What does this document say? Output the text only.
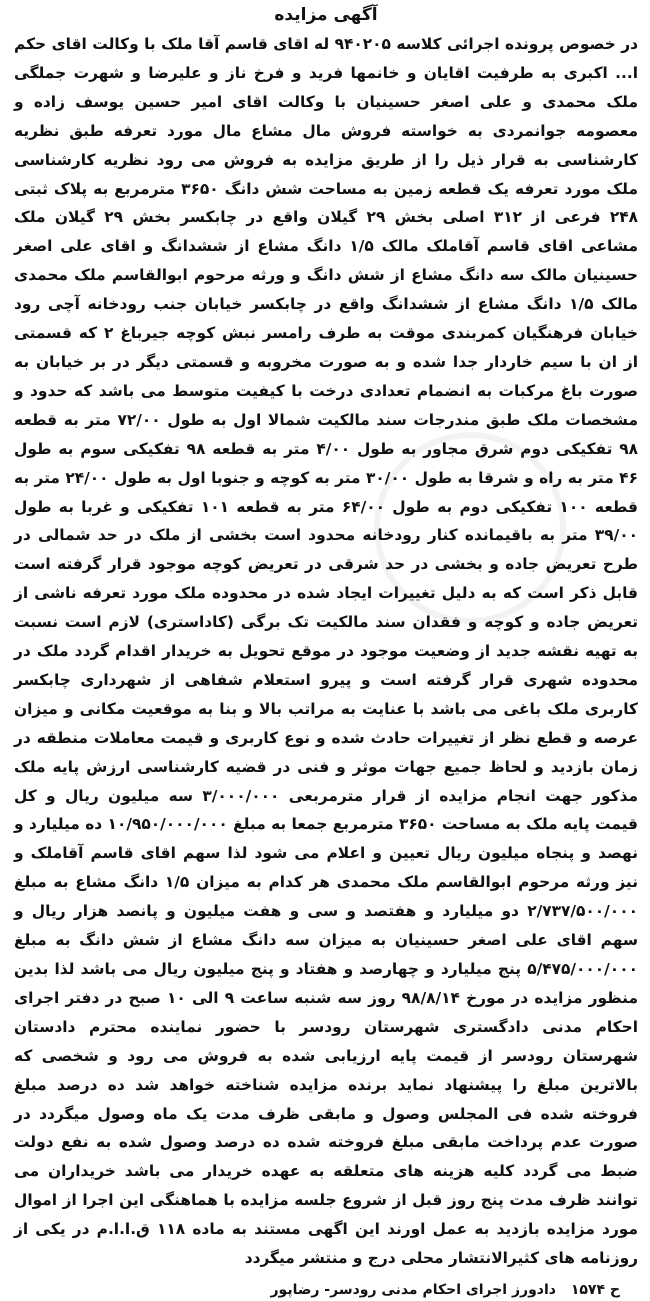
آگهی مزایده

در خصوص پرونده اجرائی کلاسه ۹۴۰۲۰۵ له اقای قاسم آقا ملک با وکالت اقای حکم ا... اکبری به طرفیت اقایان و خانمها فرید و فرخ ناز و علیرضا و شهرت جملگی ملک محمدی و علی اصغر حسینیان با وکالت اقای امیر حسین یوسف زاده و معصومه جوانمردی به خواسته فروش مال مشاع مال مورد تعرفه طبق نظریه کارشناسی به قرار ذیل را از طریق مزایده به فروش می رود نظریه کارشناسی ملک مورد تعرفه یک قطعه زمین به مساحت شش دانگ ۳۶۵۰ مترمربع به پلاک ثبتی ۲۴۸ فرعی از ۳۱۲ اصلی بخش ۲۹ گیلان واقع در چابکسر بخش ۲۹ گیلان ملک مشاعی اقای قاسم آقاملک مالک ۱/۵ دانگ مشاع از ششدانگ و اقای علی اصغر حسینیان مالک سه دانگ مشاع از شش دانگ و ورثه مرحوم ابوالقاسم ملک محمدی مالک ۱/۵ دانگ مشاع از ششدانگ واقع در چابکسر خیابان جنب رودخانه آچی رود خیابان فرهنگیان کمربندی موقت به طرف رامسر نبش کوچه جیرباغ ۲ که قسمتی از ان با سیم خاردار جدا شده و به صورت مخروبه و قسمتی دیگر در بر خیابان به صورت باغ مرکبات به انضمام تعدادی درخت با کیفیت متوسط می باشد که حدود و مشخصات ملک طبق مندرجات سند مالکیت شمالا اول به طول ۷۲/۰۰ متر به قطعه ۹۸ تفکیکی دوم شرق مجاور به طول ۴/۰۰ متر به قطعه ۹۸ تفکیکی سوم به طول ۴۶ متر به راه و شرقا به طول ۳۰/۰۰ متر به کوچه و جنوبا اول به طول ۲۴/۰۰ متر به قطعه ۱۰۰ تفکیکی دوم به طول ۶۴/۰۰ متر به قطعه ۱۰۱ تفکیکی و غربا به طول ۳۹/۰۰ متر به باقیمانده کنار رودخانه محدود است بخشی از ملک در حد شمالی در طرح تعریض جاده و بخشی در حد شرقی در تعریض کوچه موجود قرار گرفته است قابل ذکر است که به دلیل تغییرات ایجاد شده در محدوده ملک مورد تعرفه ناشی از تعریض جاده و کوچه و فقدان سند مالکیت تک برگی (کاداستری) لازم است نسبت به تهیه نقشه جدید از وضعیت موجود در موقع تحویل به خریدار اقدام گردد ملک در محدوده شهری قرار گرفته است و پیرو استعلام شفاهی از شهرداری چابکسر کاربری ملک باغی می باشد با عنایت به مراتب بالا و بنا به موقعیت مکانی و میزان عرصه و قطع نظر از تغییرات حادث شده و نوع کاربری و قیمت معاملات منطقه در زمان بازدید و لحاظ جمیع جهات موثر و فنی در قضیه کارشناسی ارزش پایه ملک مذکور جهت انجام مزایده از قرار مترمربعی ۳/۰۰۰/۰۰۰ سه میلیون ریال و کل قیمت پایه ملک به مساحت ۳۶۵۰ مترمربع جمعا به مبلغ ۱۰/۹۵۰/۰۰۰/۰۰۰ ده میلیارد و نهصد و پنجاه میلیون ریال تعیین و اعلام می شود لذا سهم اقای قاسم آقاملک و نیز ورثه مرحوم ابوالقاسم ملک محمدی هر کدام به میزان ۱/۵ دانگ مشاع به مبلغ ۲/۷۳۷/۵۰۰/۰۰۰ دو میلیارد و هفتصد و سی و هفت میلیون و پانصد هزار ریال و سهم اقای علی اصغر حسینیان به میزان سه دانگ مشاع از شش دانگ به مبلغ ۵/۴۷۵/۰۰۰/۰۰۰ پنج میلیارد و چهارصد و هفتاد و پنج میلیون ریال می باشد لذا بدین منظور مزایده در مورخ ۹۸/۸/۱۴ روز سه شنبه ساعت ۹ الی ۱۰ صبح در دفتر اجرای احکام مدنی دادگستری شهرستان رودسر با حضور نماینده محترم دادستان شهرستان رودسر از قیمت پایه ارزیابی شده به فروش می رود و شخصی که بالاترین مبلغ را پیشنهاد نماید برنده مزایده شناخته خواهد شد ده درصد مبلغ فروخته شده فی المجلس وصول و مابقی ظرف مدت یک ماه وصول میگردد در صورت عدم پرداخت مابقی مبلغ فروخته شده ده درصد وصول شده به نفع دولت ضبط می گردد کلیه هزینه های متعلقه به عهده خریدار می باشد خریداران می توانند ظرف مدت پنج روز قبل از شروع جلسه مزایده با هماهنگی این اجرا از اموال مورد مزایده بازدید به عمل اورند این اگهی مستند به ماده ۱۱۸ ق.ا.ا.م در یکی از روزنامه های کثیرالانتشار محلی درج و منتشر میگردد

ح ۱۵۷۴ دادورز اجرای احکام مدنی رودسر- رضاپور
